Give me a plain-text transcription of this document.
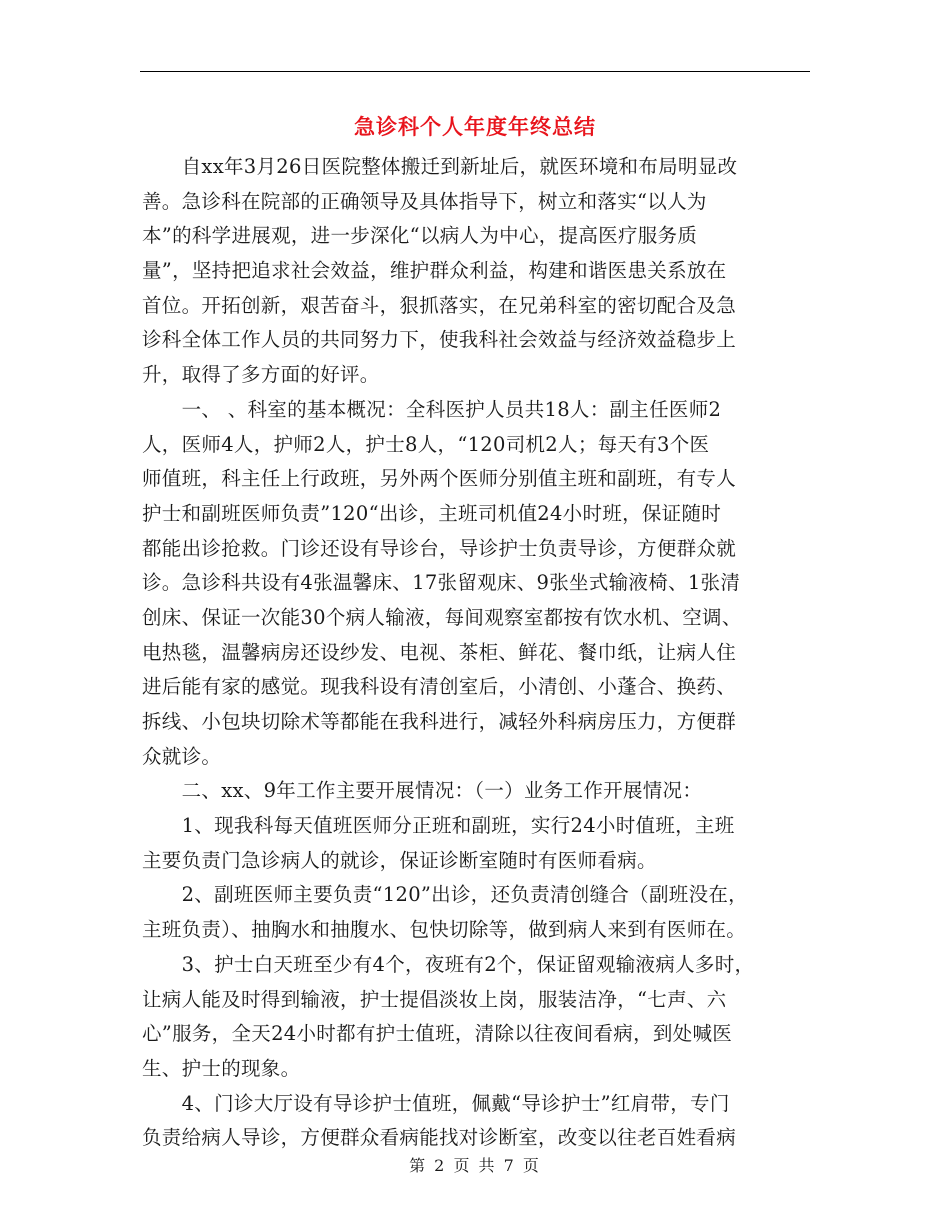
急诊科个人年度年终总结
　　自xx年3月26日医院整体搬迁到新址后，就医环境和布局明显改
善。急诊科在院部的正确领导及具体指导下，树立和落实“以人为
本”的科学进展观，进一步深化“以病人为中心，提高医疗服务质
量”，坚持把追求社会效益，维护群众利益，构建和谐医患关系放在
首位。开拓创新，艰苦奋斗，狠抓落实，在兄弟科室的密切配合及急
诊科全体工作人员的共同努力下，使我科社会效益与经济效益稳步上
升，取得了多方面的好评。
　　一、 、科室的基本概况：全科医护人员共18人：副主任医师2
人，医师4人，护师2人，护士8人，“120司机2人；每天有3个医
师值班，科主任上行政班，另外两个医师分别值主班和副班，有专人
护士和副班医师负责”120“出诊，主班司机值24小时班，保证随时
都能出诊抢救。门诊还设有导诊台，导诊护士负责导诊，方便群众就
诊。急诊科共设有4张温馨床、17张留观床、9张坐式输液椅、1张清
创床、保证一次能30个病人输液，每间观察室都按有饮水机、空调、
电热毯，温馨病房还设纱发、电视、茶柜、鲜花、餐巾纸，让病人住
进后能有家的感觉。现我科设有清创室后，小清创、小蓬合、换药、
拆线、小包块切除术等都能在我科进行，减轻外科病房压力，方便群
众就诊。
　　二、xx、9年工作主要开展情况：（一）业务工作开展情况：
　　1、现我科每天值班医师分正班和副班，实行24小时值班，主班
主要负责门急诊病人的就诊，保证诊断室随时有医师看病。
　　2、副班医师主要负责“120”出诊，还负责清创缝合（副班没在，
主班负责）、抽胸水和抽腹水、包快切除等，做到病人来到有医师在。
　　3、护士白天班至少有4个，夜班有2个，保证留观输液病人多时，
让病人能及时得到输液，护士提倡淡妆上岗，服装洁净，“七声、六
心”服务，全天24小时都有护士值班，清除以往夜间看病，到处喊医
生、护士的现象。
　　4、门诊大厅设有导诊护士值班，佩戴“导诊护士”红肩带，专门
负责给病人导诊，方便群众看病能找对诊断室，改变以往老百姓看病
第 2 页 共 7 页
